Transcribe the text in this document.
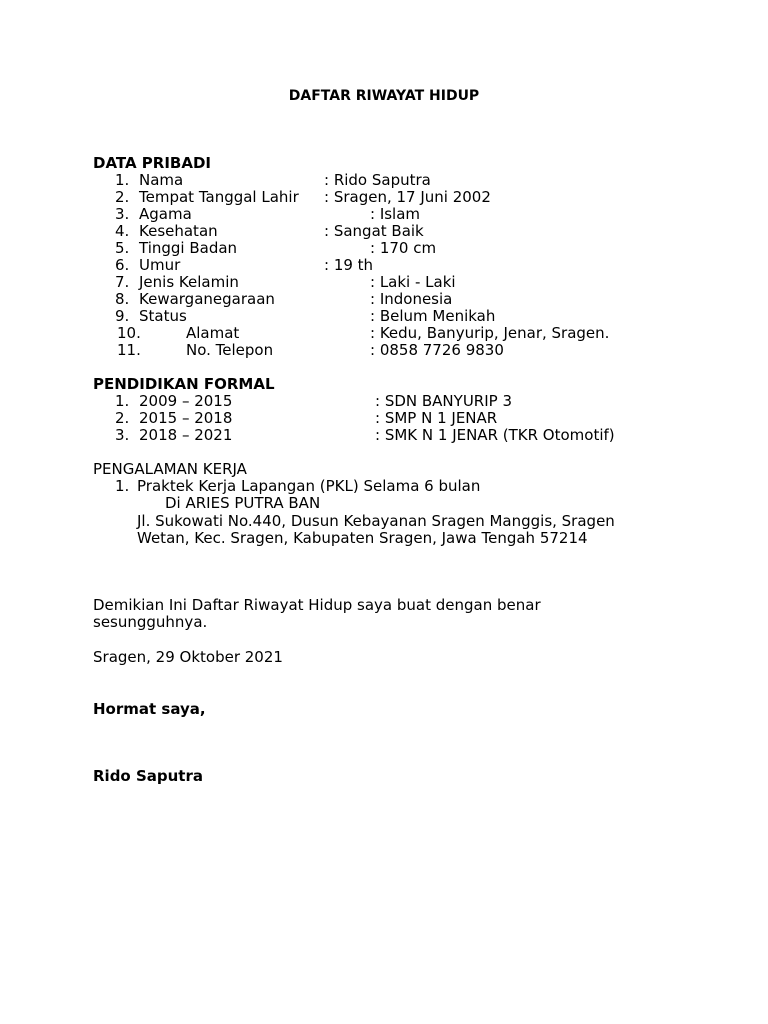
DAFTAR RIWAYAT HIDUP
DATA PRIBADI
1. Nama	: Rido Saputra
2. Tempat Tanggal Lahir : Sragen, 17 Juni 2002
3. Agama	: Islam
4. Kesehatan	: Sangat Baik
5. Tinggi Badan	: 170 cm
6. Umur	: 19 th
7. Jenis Kelamin	: Laki - Laki
8. Kewarganegaraan	: Indonesia
9. Status	: Belum Menikah
10.	Alamat	: Kedu, Banyurip, Jenar, Sragen.
11.	No. Telepon	: 0858 7726 9830
PENDIDIKAN FORMAL
1. 2009 – 2015	: SDN BANYURIP 3
2. 2015 – 2018	: SMP N 1 JENAR
3. 2018 – 2021	: SMK N 1 JENAR (TKR Otomotif)
PENGALAMAN KERJA
1. Praktek Kerja Lapangan (PKL) Selama 6 bulan
Di ARIES PUTRA BAN
Jl. Sukowati No.440, Dusun Kebayanan Sragen Manggis, Sragen
Wetan, Kec. Sragen, Kabupaten Sragen, Jawa Tengah 57214
Demikian Ini Daftar Riwayat Hidup saya buat dengan benar
sesungguhnya.
Sragen, 29 Oktober 2021
Hormat saya,
Rido Saputra
